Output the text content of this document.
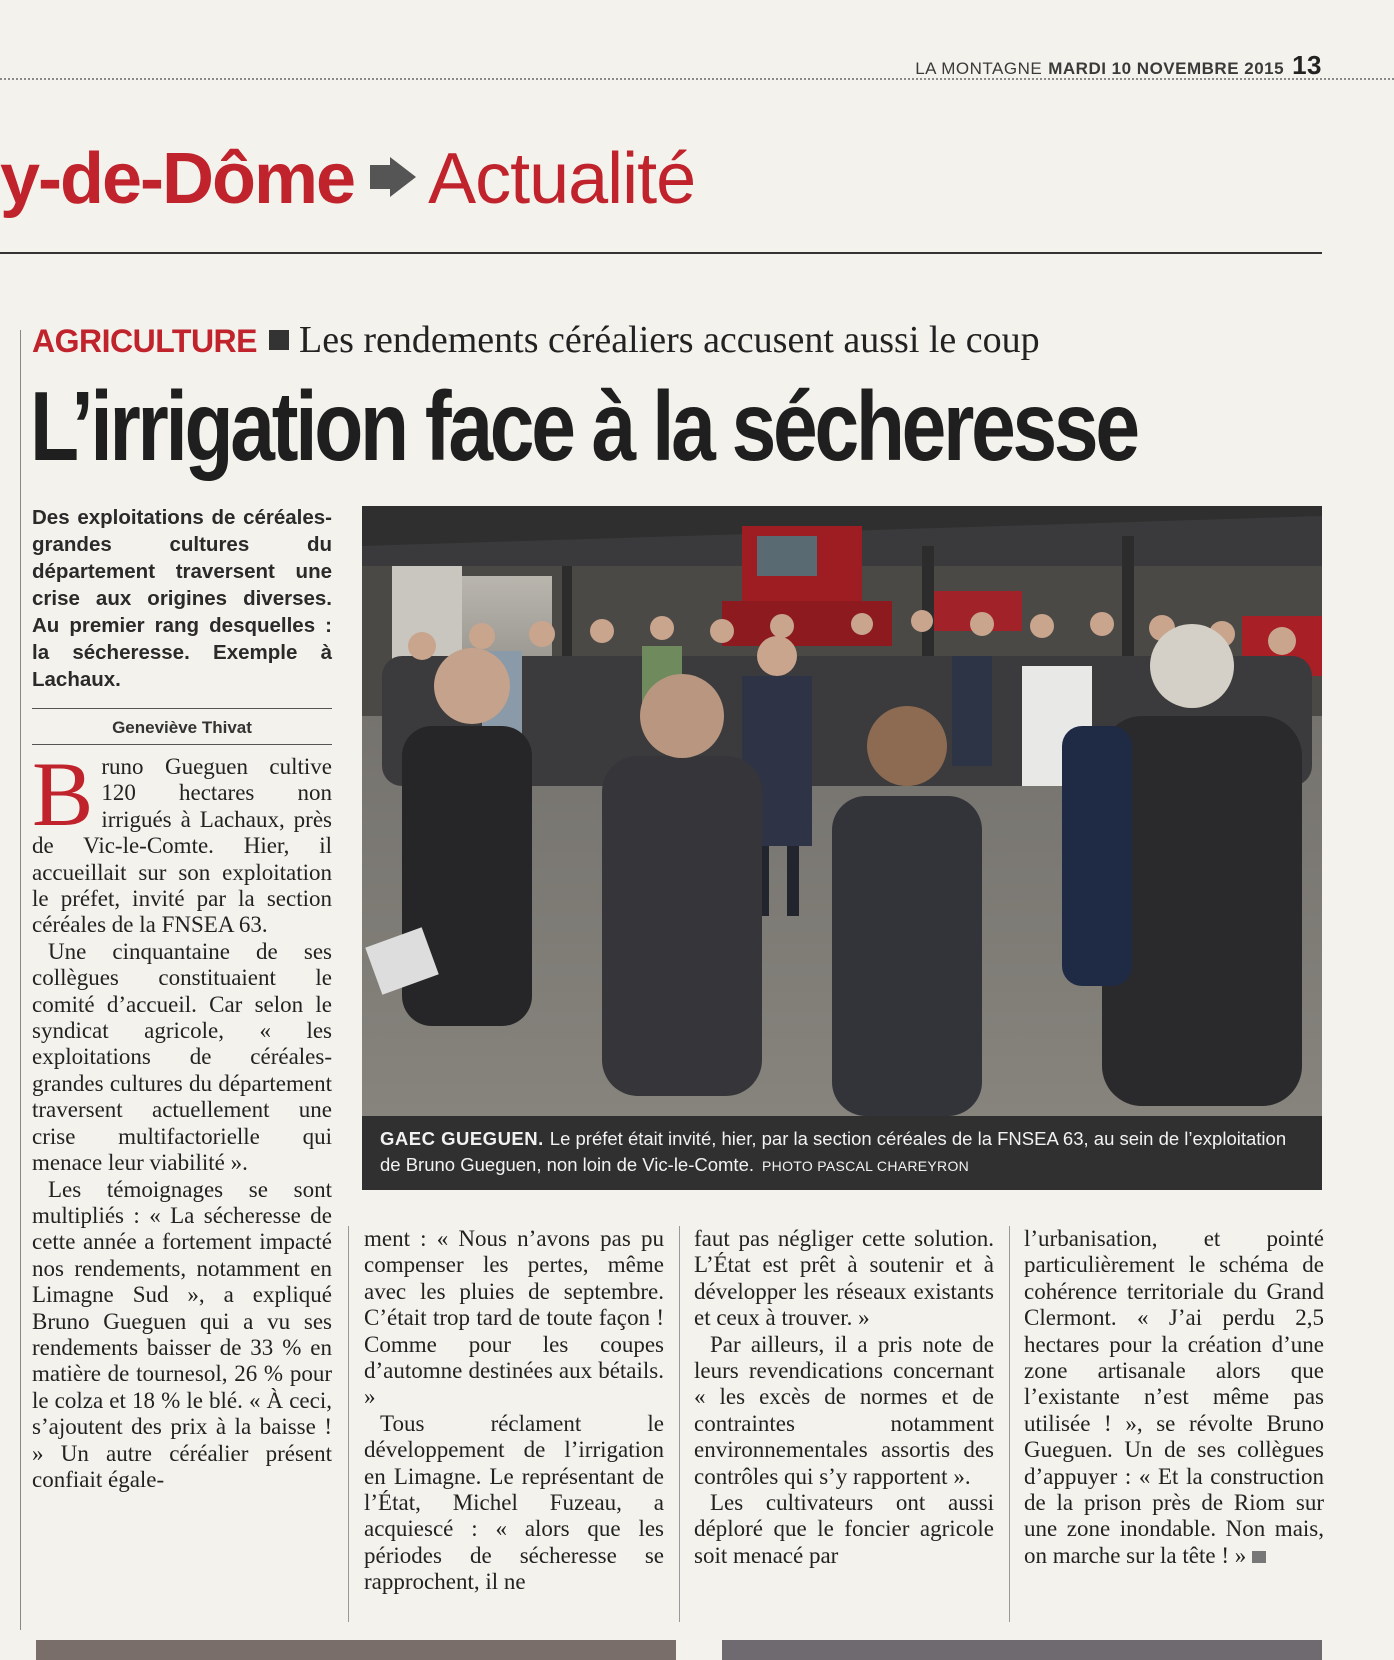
LA MONTAGNE MARDI 10 NOVEMBRE 2015 13
y-de-Dôme Actualité
AGRICULTURE Les rendements céréaliers accusent aussi le coup
L’irrigation face à la sécheresse
Des exploitations de céréales-grandes cultures du département traversent une crise aux origines diverses. Au premier rang desquelles : la sécheresse. Exemple à Lachaux.
Geneviève Thivat

Bruno Gueguen cultive 120 hectares non irrigués à Lachaux, près de Vic-le-Comte. Hier, il accueillait sur son exploitation le préfet, invité par la section céréales de la FNSEA 63.

Une cinquantaine de ses collègues constituaient le comité d’accueil. Car selon le syndicat agricole, « les exploitations de céréales-grandes cultures du département traversent actuellement une crise multifactorielle qui menace leur viabilité ».

Les témoignages se sont multipliés : « La sécheresse de cette année a fortement impacté nos rendements, notamment en Limagne Sud », a expliqué Bruno Gueguen qui a vu ses rendements baisser de 33 % en matière de tournesol, 26 % pour le colza et 18 % le blé. « À ceci, s’ajoutent des prix à la baisse ! » Un autre céréalier présent confiait égale-

GAEC GUEGUEN. Le préfet était invité, hier, par la section céréales de la FNSEA 63, au sein de l’exploitation de Bruno Gueguen, non loin de Vic-le-Comte. PHOTO PASCAL CHAREYRON

ment : « Nous n’avons pas pu compenser les pertes, même avec les pluies de septembre. C’était trop tard de toute façon ! Comme pour les coupes d’automne destinées aux bétails. »

Tous réclament le développement de l’irrigation en Limagne. Le représentant de l’État, Michel Fuzeau, a acquiescé : « alors que les périodes de sécheresse se rapprochent, il ne

faut pas négliger cette solution. L’État est prêt à soutenir et à développer les réseaux existants et ceux à trouver. »

Par ailleurs, il a pris note de leurs revendications concernant « les excès de normes et de contraintes notamment environnementales assortis des contrôles qui s’y rapportent ».

Les cultivateurs ont aussi déploré que le foncier agricole soit menacé par

l’urbanisation, et pointé particulièrement le schéma de cohérence territoriale du Grand Clermont. « J’ai perdu 2,5 hectares pour la création d’une zone artisanale alors que l’existante n’est même pas utilisée ! », se révolte Bruno Gueguen. Un de ses collègues d’appuyer : « Et la construction de la prison près de Riom sur une zone inondable. Non mais, on marche sur la tête ! »
